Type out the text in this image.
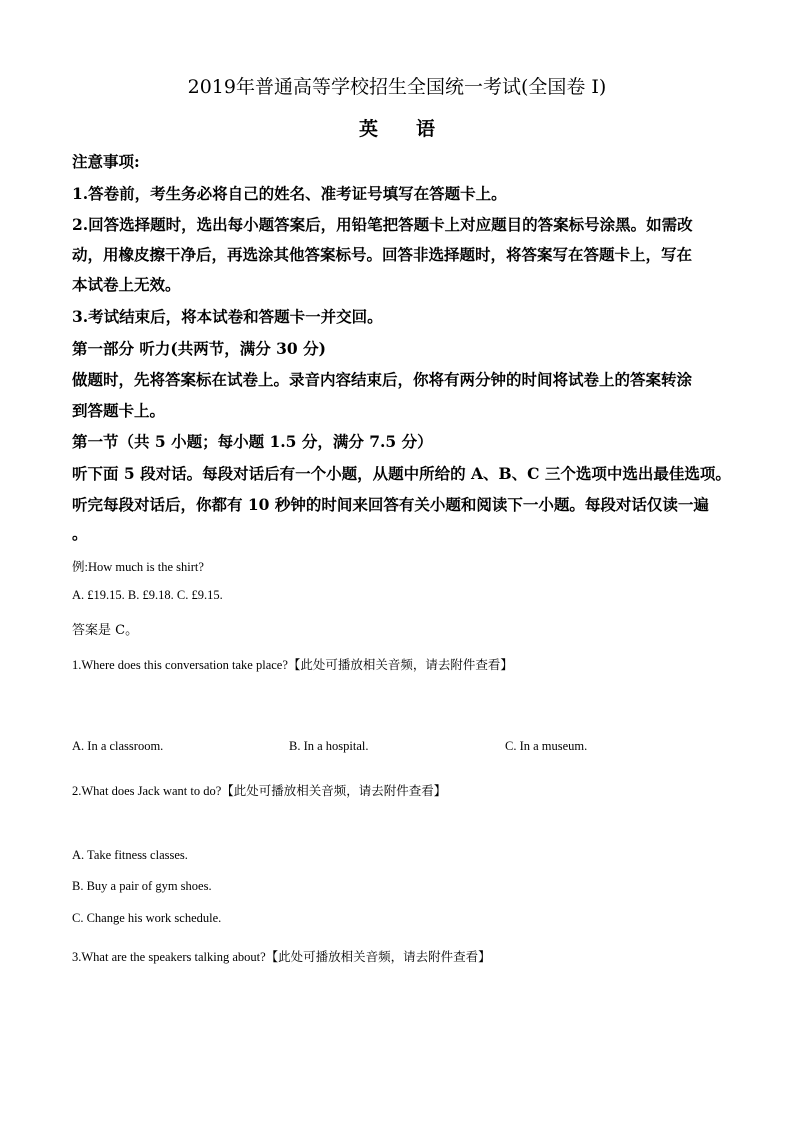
2019年普通高等学校招生全国统一考试(全国卷 I)
英语
注意事项:
1.答卷前，考生务必将自己的姓名、准考证号填写在答题卡上。
2.回答选择题时，选出每小题答案后，用铅笔把答题卡上对应题目的答案标号涂黑。如需改
动，用橡皮擦干净后，再选涂其他答案标号。回答非选择题时，将答案写在答题卡上，写在
本试卷上无效。
3.考试结束后，将本试卷和答题卡一并交回。
第一部分 听力(共两节，满分 30 分)
做题时，先将答案标在试卷上。录音内容结束后，你将有两分钟的时间将试卷上的答案转涂
到答题卡上。
第一节（共 5 小题；每小题 1.5 分，满分 7.5 分）
听下面 5 段对话。每段对话后有一个小题，从题中所给的 A、B、C 三个选项中选出最佳选项。
听完每段对话后，你都有 10 秒钟的时间来回答有关小题和阅读下一小题。每段对话仅读一遍
。
例:How much is the shirt?
A. £19.15. B. £9.18. C. £9.15.
答案是 C。
1.Where does this conversation take place?【此处可播放相关音频，请去附件查看】
A. In a classroom.	B. In a hospital.	C. In a museum.
2.What does Jack want to do?【此处可播放相关音频，请去附件查看】
A. Take fitness classes.
B. Buy a pair of gym shoes.
C. Change his work schedule.
3.What are the speakers talking about?【此处可播放相关音频，请去附件查看】
